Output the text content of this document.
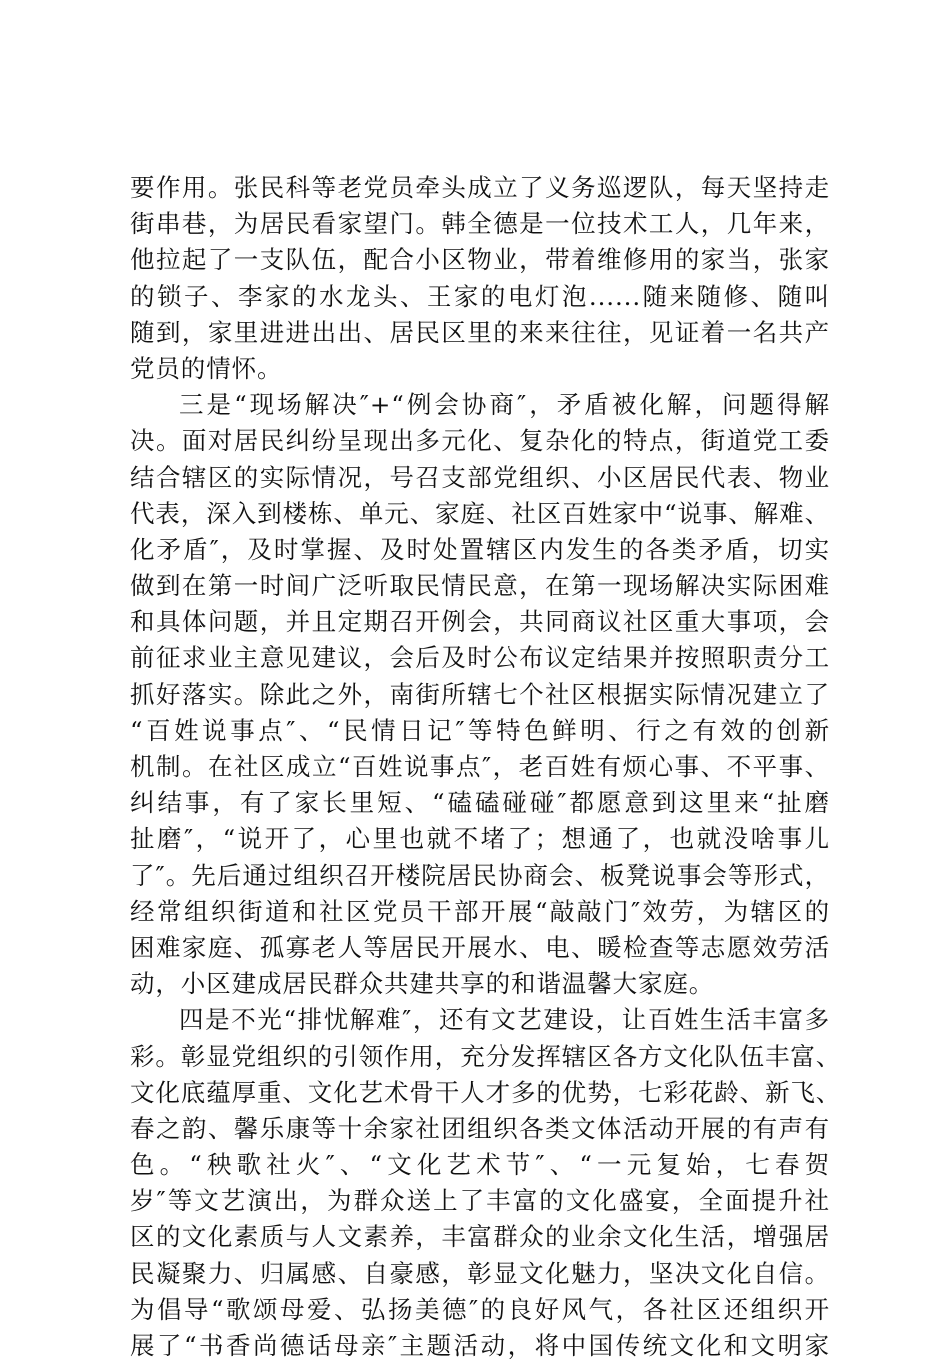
要作用。张民科等老党员牵头成立了义务巡逻队，每天坚持走
街串巷，为居民看家望门。韩全德是一位技术工人，几年来，
他拉起了一支队伍，配合小区物业，带着维修用的家当，张家
的锁子、李家的水龙头、王家的电灯泡......随来随修、随叫
随到，家里进进出出、居民区里的来来往往，见证着一名共产
党员的情怀。
三是“现场解决″+“例会协商″，矛盾被化解，问题得解
决。面对居民纠纷呈现出多元化、复杂化的特点，街道党工委
结合辖区的实际情况，号召支部党组织、小区居民代表、物业
代表，深入到楼栋、单元、家庭、社区百姓家中“说事、解难、
化矛盾″，及时掌握、及时处置辖区内发生的各类矛盾，切实
做到在第一时间广泛听取民情民意，在第一现场解决实际困难
和具体问题，并且定期召开例会，共同商议社区重大事项，会
前征求业主意见建议，会后及时公布议定结果并按照职责分工
抓好落实。除此之外，南街所辖七个社区根据实际情况建立了
“百姓说事点″、“民情日记″等特色鲜明、行之有效的创新
机制。在社区成立“百姓说事点″，老百姓有烦心事、不平事、
纠结事，有了家长里短、“磕磕碰碰″都愿意到这里来“扯磨
扯磨″，“说开了，心里也就不堵了；想通了，也就没啥事儿
了″。先后通过组织召开楼院居民协商会、板凳说事会等形式，
经常组织街道和社区党员干部开展“敲敲门″效劳，为辖区的
困难家庭、孤寡老人等居民开展水、电、暖检查等志愿效劳活
动，小区建成居民群众共建共享的和谐温馨大家庭。
四是不光“排忧解难″，还有文艺建设，让百姓生活丰富多
彩。彰显党组织的引领作用，充分发挥辖区各方文化队伍丰富、
文化底蕴厚重、文化艺术骨干人才多的优势，七彩花龄、新飞、
春之韵、馨乐康等十余家社团组织各类文体活动开展的有声有
色。“秧歌社火″、“文化艺术节″、“一元复始，七春贺
岁″等文艺演出，为群众送上了丰富的文化盛宴，全面提升社
区的文化素质与人文素养，丰富群众的业余文化生活，增强居
民凝聚力、归属感、自豪感，彰显文化魅力，坚决文化自信。
为倡导“歌颂母爱、弘扬美德″的良好风气，各社区还组织开
展了“书香尚德话母亲″主题活动，将中国传统文化和文明家
